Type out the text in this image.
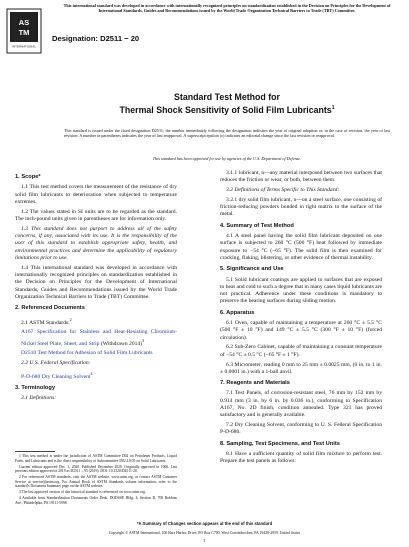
This international standard was developed in accordance with internationally recognized principles on standardization established in the Decision on Principles for the Development of International Standards, Guides and Recommendations issued by the World Trade Organization Technical Barriers to Trade (TBT) Committee.
AS
TM
INTERNATIONAL
Designation: D2511 − 20
Standard Test Method for
Thermal Shock Sensitivity of Solid Film Lubricants$^1$
This standard is issued under the fixed designation D2511; the number immediately following the designation indicates the year of original adoption or, in the case of revision, the year of last revision. A number in parentheses indicates the year of last reapproval. A superscript epsilon (ε) indicates an editorial change since the last revision or reapproval.
This standard has been approved for use by agencies of the U.S. Department of Defense.
1. Scope*

1.1 This test method covers the measurement of the resistance of dry solid film lubricants to deterioration when subjected to temperature extremes.

1.2 The values stated in SI units are to be regarded as the standard. The inch-pound units given in parentheses are for information only.

1.3 This standard does not purport to address all of the safety concerns, if any, associated with its use. It is the responsibility of the user of this standard to establish appropriate safety, health, and environmental practices and determine the applicability of regulatory limitations prior to use.

1.4 This international standard was developed in accordance with internationally recognized principles on standardization established in the Decision on Principles for the Development of International Standards, Guides and Recommendations issued by the World Trade Organization Technical Barriers to Trade (TBT) Committee.

2. Referenced Documents

2.1 ASTM Standards:$^2$

A167 Specification for Stainless and Heat-Resisting Chromium-Nickel Steel Plate, Sheet, and Strip (Withdrawn 2014)$^3$

D2510 Test Method for Adhesion of Solid Film Lubricants

2.2 U.S. Federal Specification:

P-D-680 Dry Cleaning Solvent$^4$

3. Terminology

3.1 Definitions:

1 This test method is under the jurisdiction of ASTM Committee D02 on Petroleum Products, Liquid Fuels, and Lubricants and is the direct responsibility of Subcommittee D02.L0.05 on Solid Lubricants.

Current edition approved Dec. 1, 2020. Published December 2020. Originally approved in 1966. Last previous edition approved in 2019 as D2511 – 95 (2019). DOI: 10.1520/D2511-20.

2 For referenced ASTM standards, visit the ASTM website, www.astm.org, or contact ASTM Customer Service at service@astm.org. For Annual Book of ASTM Standards volume information, refer to the standard's Document Summary page on the ASTM website.

3 The last approved version of this historical standard is referenced on www.astm.org.

4 Available from Standardization Documents Order Desk, DODSSP, Bldg. 4, Section D, 700 Robbins Ave., Philadelphia, PA 19111-5098.

3.1.1 lubricant, n—any material interposed between two surfaces that reduces the friction or wear, or both, between them.

3.2 Definitions of Terms Specific to This Standard:

3.2.1 dry solid film lubricant, n—on a steel surface, one consisting of friction-reducing powders bonded in tight matrix to the surface of the metal.

4. Summary of Test Method

4.1 A steel panel having the solid film lubricant deposited on one surface is subjected to 260 °C (500 °F) heat followed by immediate exposure to −54 °C (−65 °F). The solid film is then examined for cracking, flaking, blistering, or other evidence of thermal instability.

5. Significance and Use

5.1 Solid lubricant coatings are applied to surfaces that are exposed to heat and cold to such a degree that in many cases liquid lubricants are not practical. Adherence under these conditions is mandatory to preserve the bearing surfaces during sliding motion.

6. Apparatus

6.1 Oven, capable of maintaining a temperature at 260 °C ± 5.5 °C (500 °F ± 10 °F) and 149 °C ± 5.5 °C (300 °F ± 10 °F) (forced circulation).

6.2 Sub-Zero Cabinet, capable of maintaining a constant temperature of −54 °C ± 0.5 °C (−65 °F ± 1 °F).

6.3 Micrometer, reading 0 mm to 25 mm ± 0.0025 mm, (0 in. to 1 in. ± 0.0001 in.) with a 1-ball anvil.

7. Reagents and Materials

7.1 Test Panels, of corrosion-resistant steel, 76 mm by 152 mm by 0.914 mm (3 in. by 6 in. by 0.036 in.), conforming to Specification A167, No. 2D finish, condition annealed. Type 321 has proved satisfactory and is generally available.

7.2 Dry Cleaning Solvent, conforming to U. S. Federal Specification P-D-680.

8. Sampling, Test Specimens, and Test Units

8.1 Have a sufficient quantity of solid film mixture to perform test. Prepare the test panels as follows:

*A Summary of Changes section appears at the end of this standard
Copyright © ASTM International, 100 Barr Harbor Drive, PO Box C700, West Conshohocken, PA 19428-2959. United States
1
